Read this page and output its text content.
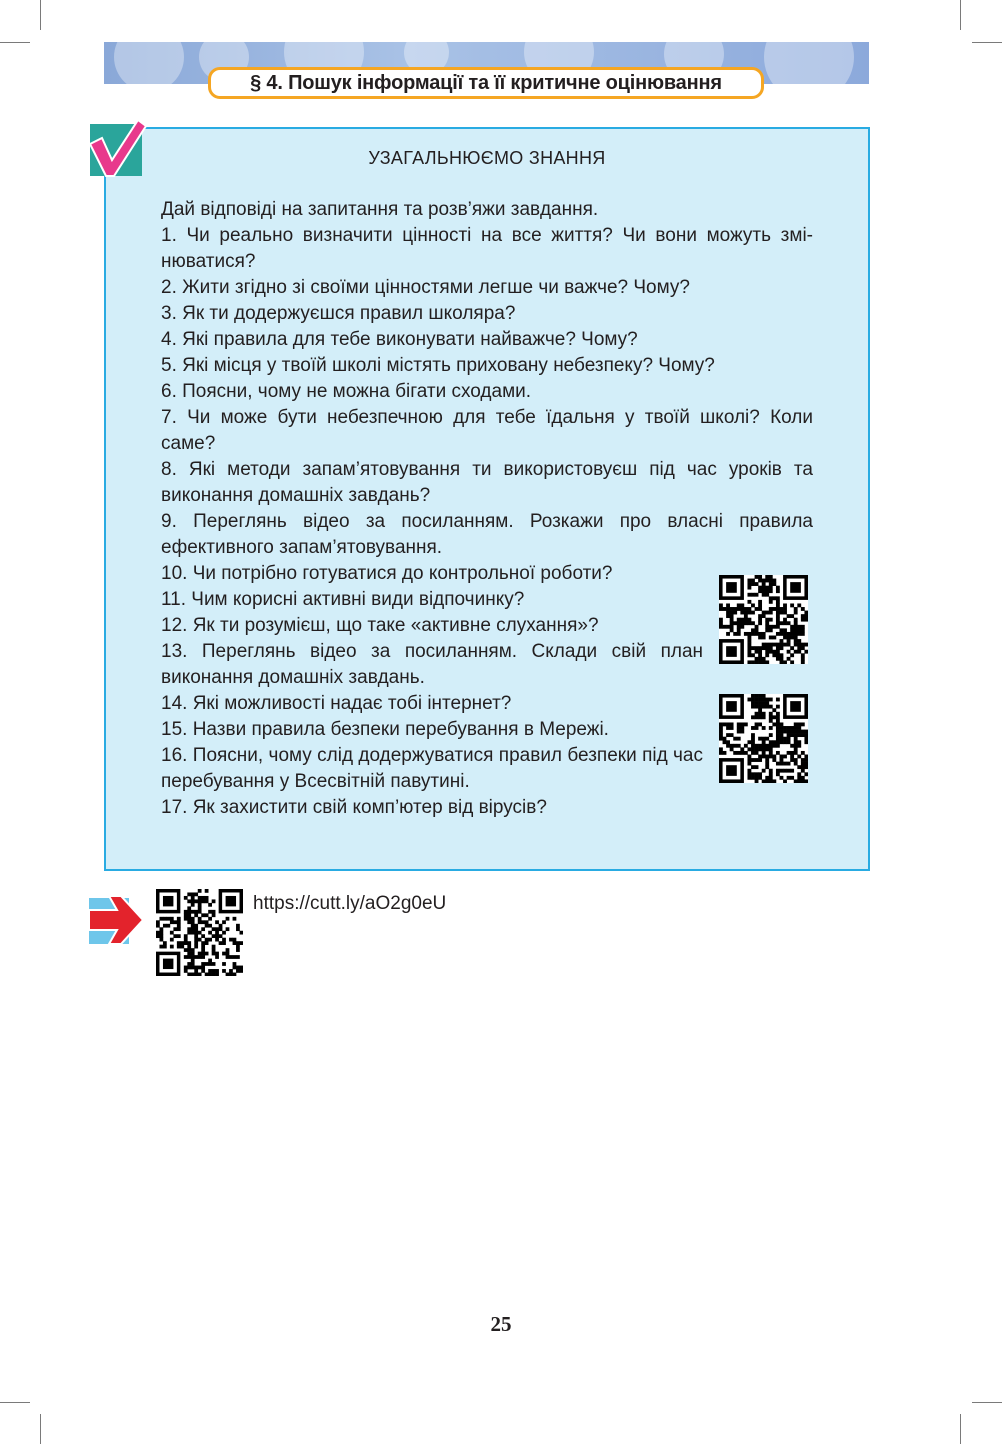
§ 4. Пошук інформації та її критичне оцінювання
УЗАГАЛЬНЮЄМО ЗНАННЯ

Дай відповіді на запитання та розв’яжи завдання.

1. Чи реально визначити цінності на все життя? Чи вони можуть змі-нюватися?

2. Жити згідно зі своїми цінностями легше чи важче? Чому?

3. Як ти додержуєшся правил школяра?

4. Які правила для тебе виконувати найважче? Чому?

5. Які місця у твоїй школі містять приховану небезпеку? Чому?

6. Поясни, чому не можна бігати сходами.

7. Чи може бути небезпечною для тебе їдальня у твоїй школі? Коли саме?

8. Які методи запам’ятовування ти використовуєш під час уроків та виконання домашніх завдань?

9. Переглянь відео за посиланням. Розкажи про власні правила ефективного запам’ятовування.

10. Чи потрібно готуватися до контрольної роботи?

11. Чим корисні активні види відпочинку?

12. Як ти розумієш, що таке «активне слухання»?

13. Переглянь відео за посиланням. Склади свій план виконання домашніх завдань.

14. Які можливості надає тобі інтернет?

15. Назви правила безпеки перебування в Мережі.

16. Поясни, чому слід додержуватися правил безпеки під час перебування у Всесвітній павутині.

17. Як захистити свій комп’ютер від вірусів?

https://cutt.ly/aO2g0eU
25
